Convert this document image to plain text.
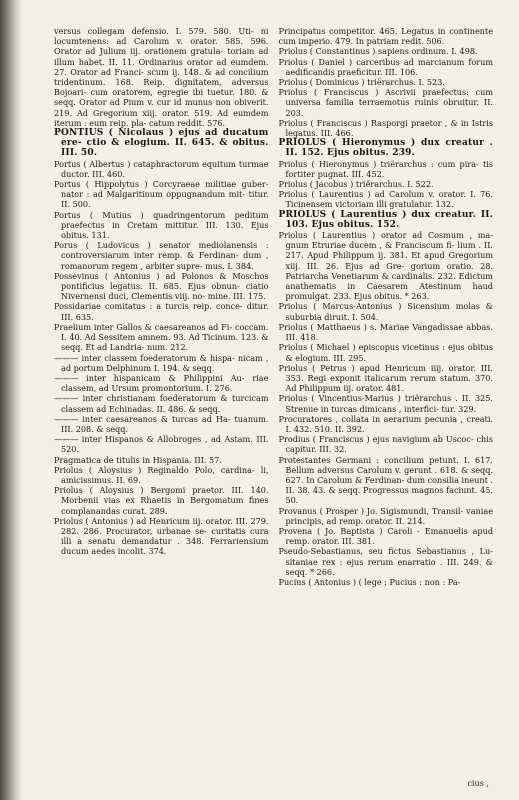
versus collegam defensio. I. 579. 580. Uti- ni locumtenens: ad Carolum v. orator. 585. 596. Orator ad Julium iij. orationem gratula- toriam ad illum habet. II. 11. Ordinarius orator ad eumdem. 27. Orator ad Franci- scum ij. 148. & ad concilium tridentinum. 168. Reip. dignitatem, adversus Bojoari- cum oratorem, egregie ibi tuetur. 180. & seqq. Orator ad Pium v. cur id munus non obiverit. 219. Ad Gregorium xiij. orator. 519. Ad eumdem iterum : eum reip. pla- catum reddit. 576.

PONTIUS ( Nicolaus ) ejus ad ducatum ere- ctio & elogium. II. 645. & obitus. III. 50.

Portus ( Albertus ) cataphractorum equitum turmae ductor. III. 460.

Portus ( Hippolytus ) Corcyraeae militiae guber- nator : ad Malgaritinum oppugnandum mit- titur. II. 500.

Portus ( Mutius ) quadringentorum peditum praefectus in Cretam mittitur. III. 130. Ejus obitus. 131.

Porus ( Ludovicus ) senator mediolanensis : controversiarum inter remp. & Ferdinan- dum , romanorum regem , arbiter supre- mus. I. 384.

Possevinus ( Antonius ) ad Polonos & Moschos pontificius legatus. II. 685. Ejus obnun- ciatio Nivernensi duci, Clementis viij. no- mine. III. 175.

Possidariae comitatus : a turcis reip. conce- ditur. III. 635.

Praelium inter Gallos & caesareanos ad Fi- coccam. I. 40. Ad Sessitem amnem. 93. Ad Ticinum. 123. & seqq. Et ad Landria- num. 212.

——— inter classem foederatorum & hispa- nicam , ad portum Delphinum I. 194. & seqq.

——— inter hispanicam & Philippini Au- riae classem, ad Ursum promontorium. I. 276.

——— inter christianam foederatorum & turcicam classem ad Echinadas. II. 486. & seqq.

——— inter caesareanos & turcas ad Ha- tuanum. III. 208. & seqq.

——— inter Hispanos & Allobroges , ad Astam. III. 520.

Pragmatica de titulis in Hispania. III. 57.

Priolus ( Aloysius ) Reginaldo Polo, cardina- li, amicissimus. II. 69.

Priolus ( Aloysius ) Bergomi praetor. III. 140. Morbenii vias ex Rhaetis in Bergomatum fines complanandas curat. 289.

Priolus ( Antonius ) ad Henricum iij. orator. III. 279. 282. 286. Procurator, urbanae se- curitatis cura illi a senatu demandatur . 348. Ferrariensium ducum aedes incolit. 374.

Principatus competitor. 465. Legatus in continente cum imperio. 479. In patriam redit. 506.

Priolus ( Constantinus ) sapiens ordinum. I. 498.

Priolus ( Daniel ) carceribus ad marcianum forum aedificandis praeficitur. III. 106.

Priolus ( Dominicus ) triërarchus. I. 523.

Priolus ( Franciscus ) Ascrivii praefectus: cum universa familia terraemotus ruinis obruitur. II. 203.

Priolus ( Franciscus ) Rasporgi praetor , & in Istris legatus. III. 466.

PRIOLUS ( Hieronymus ) dux creatur . II. 152. Ejus obitus. 239.

Priolus ( Hieronymus ) triërarchus : cum pira- tis fortiter pugnat. III. 452.

Priolus ( Jacobus ) triërarchus. I. 522.

Priolus ( Laurentius ) ad Carolum v. orator. I. 76. Ticinensem victoriam illi gratulatur. 132.

PRIOLUS ( Laurentius ) dux creatur. II. 103. Ejus obitus. 152.

Priolus ( Laurentius ) orator ad Cosmum , ma- gnum Etruriae ducem , & Franciscum fi- lium . II. 217. Apud Philippum ij. 381. Et apud Gregorium xiij. III. 26. Ejus ad Gre- gorium oratio. 28. Patriarcha Venetiarum & cardinalis. 232. Edictum anathematis in Caesarem Atestinum haud promulgat. 233. Ejus obitus. * 263.

Priolus ( Marcus-Antonius ) Sicensium molas & suburbia diruit. I. 504.

Priolus ( Matthaeus ) s. Mariae Vangadissae abbas. III. 418.

Priolus ( Michael ) episcopus vicetinus : ejus obitus & elogium. III. 295.

Priolus ( Petrus ) apud Henricum iiij. orator. III. 353. Regi exponit italicarum rerum statum. 370. Ad Philippum iij. orator. 481.

Priolus ( Vincentius-Marius ) triërarchus . II. 325. Strenue in turcas dimicans , interfici- tur. 329.

Procuratores , collata in aerarium pecunia , creati. I. 432. 510. II. 392.

Prodius ( Franciscus ) ejus navigium ab Uscoc- chis capitur. III. 32.

Protestantes Germani : concilium petunt. I. 617. Bellum adversus Carolum v. gerunt . 618. & seqq. 627. In Carolum & Ferdinan- dum consilia ineunt . II. 38. 43. & seqq. Progressus magnos faciunt. 45. 50.

Provanus ( Prosper ) Jo. Sigismundi, Transil- vaniae principis, ad remp. orator. II. 214.

Provena ( Jo. Baptista ) Caroli - Emanuelis apud remp. orator. III. 381.

Pseudo-Sebastianus, seu fictus Sebastianus , Lu- sitaniae rex : ejus rerum enarratio . III. 249. & seqq. * 266.

Pucius ( Antonius ) ( lege : Pucius : non : Pa-

cius ,
